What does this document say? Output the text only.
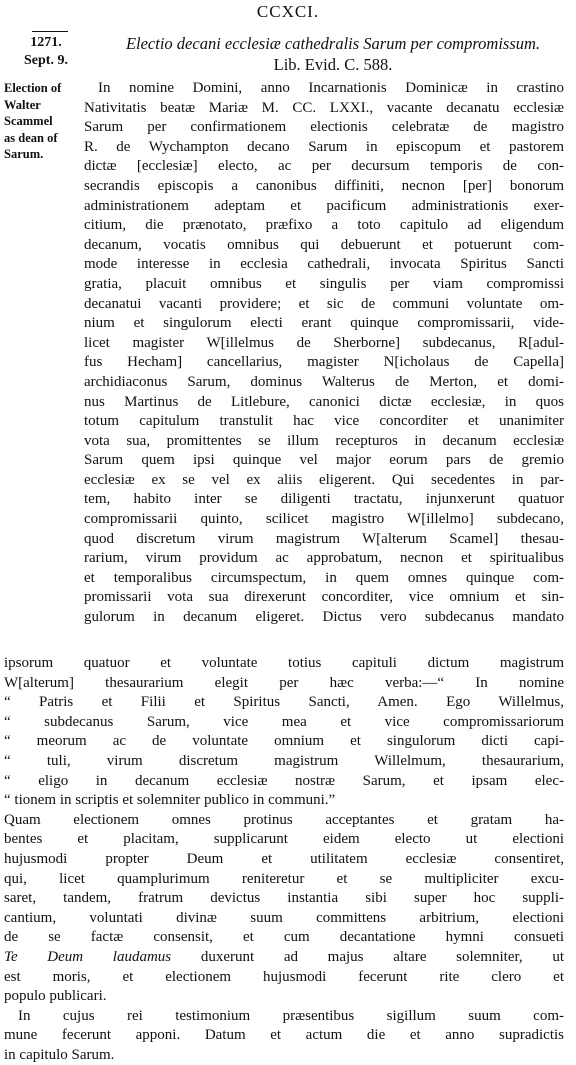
CCXCI.
1271.
Sept. 9.
Electio decani ecclesiæ cathedralis Sarum per compromissum.
Lib. Evid. C. 588.
Election of
Walter
Scammel
as dean of
Sarum.
In nomine Domini, anno Incarnationis Dominicæ in crastino
Nativitatis beatæ Mariæ M. CC. LXXI., vacante decanatu ecclesiæ
Sarum per confirmationem electionis celebratæ de magistro
R. de Wychampton decano Sarum in episcopum et pastorem
dictæ [ecclesiæ] electo, ac per decursum temporis de con-
secrandis episcopis a canonibus diffiniti, necnon [per] bonorum
administrationem adeptam et pacificum administrationis exer-
citium, die prænotato, præfixo a toto capitulo ad eligendum
decanum, vocatis omnibus qui debuerunt et potuerunt com-
mode interesse in ecclesia cathedrali, invocata Spiritus Sancti
gratia, placuit omnibus et singulis per viam compromissi
decanatui vacanti providere; et sic de communi voluntate om-
nium et singulorum electi erant quinque compromissarii, vide-
licet magister W[illelmus de Sherborne] subdecanus, R[adul-
fus Hecham] cancellarius, magister N[icholaus de Capella]
archidiaconus Sarum, dominus Walterus de Merton, et domi-
nus Martinus de Litlebure, canonici dictæ ecclesiæ, in quos
totum capitulum transtulit hac vice concorditer et unanimiter
vota sua, promittentes se illum recepturos in decanum ecclesiæ
Sarum quem ipsi quinque vel major eorum pars de gremio
ecclesiæ ex se vel ex aliis eligerent. Qui secedentes in par-
tem, habito inter se diligenti tractatu, injunxerunt quatuor
compromissarii quinto, scilicet magistro W[illelmo] subdecano,
quod discretum virum magistrum W[alterum Scamel] thesau-
rarium, virum providum ac approbatum, necnon et spiritualibus
et temporalibus circumspectum, in quem omnes quinque com-
promissarii vota sua direxerunt concorditer, vice omnium et sin-
gulorum in decanum eligeret. Dictus vero subdecanus mandato
ipsorum quatuor et voluntate totius capituli dictum magistrum
W[alterum] thesaurarium elegit per hæc verba:—“ In nomine
“ Patris et Filii et Spiritus Sancti, Amen. Ego Willelmus,
“ subdecanus Sarum, vice mea et vice compromissariorum
“ meorum ac de voluntate omnium et singulorum dicti capi-
“ tuli, virum discretum magistrum Willelmum, thesaurarium,
“ eligo in decanum ecclesiæ nostræ Sarum, et ipsam elec-
“ tionem in scriptis et solemniter publico in communi.”
Quam electionem omnes protinus acceptantes et gratam ha-
bentes et placitam, supplicarunt eidem electo ut electioni
hujusmodi propter Deum et utilitatem ecclesiæ consentiret,
qui, licet quamplurimum reniteretur et se multipliciter excu-
saret, tandem, fratrum devictus instantia sibi super hoc suppli-
cantium, voluntati divinæ suum committens arbitrium, electioni
de se factæ consensit, et cum decantatione hymni consueti
Te Deum laudamus duxerunt ad majus altare solemniter, ut
est moris, et electionem hujusmodi fecerunt rite clero et
populo publicari.
In cujus rei testimonium præsentibus sigillum suum com-
mune fecerunt apponi. Datum et actum die et anno supradictis
in capitulo Sarum.
